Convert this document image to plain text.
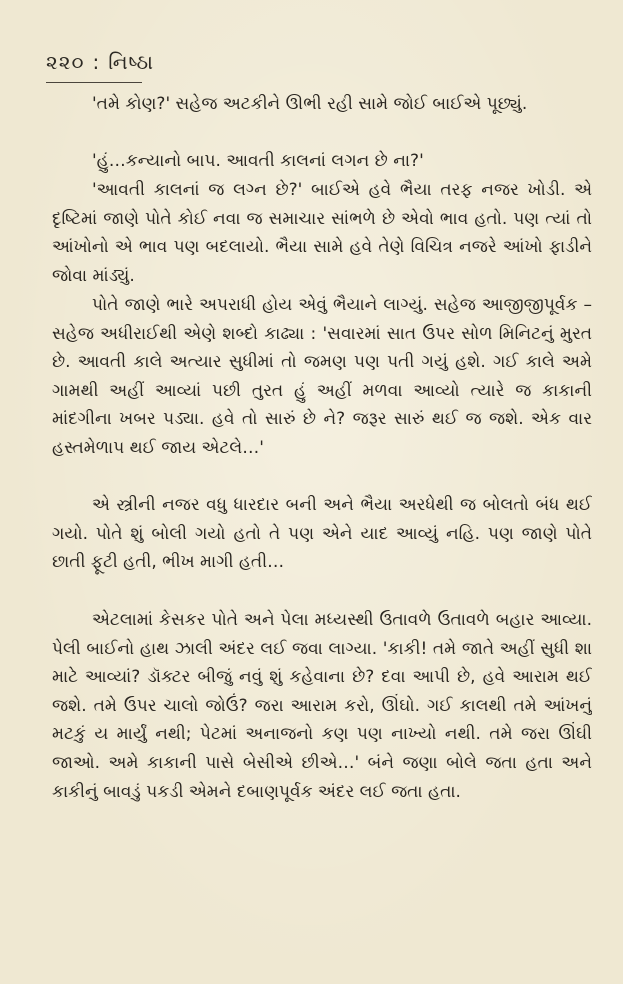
૨૨૦ : નિષ્ઠા

'તમે કોણ?' સહેજ અટકીને ઊભી રહી સામે જોઈ બાઈએ પૂછ્યું.

'હું…કન્યાનો બાપ. આવતી કાલનાં લગન છે ના?'

'આવતી કાલનાં જ લગ્ન છે?' બાઈએ હવે ભૈયા તરફ નજર ખોડી. એ દૃષ્ટિમાં જાણે પોતે કોઈ નવા જ સમાચાર સાંભળે છે એવો ભાવ હતો. પણ ત્યાં તો આંખોનો એ ભાવ પણ બદલાયો. ભૈયા સામે હવે તેણે વિચિત્ર નજરે આંખો ફાડીને જોવા માંડ્યું.

પોતે જાણે ભારે અપરાધી હોય એવું ભૈયાને લાગ્યું. સહેજ આજીજીપૂર્વક – સહેજ અધીરાઈથી એણે શબ્દો કાઢ્યા : 'સવારમાં સાત ઉપર સોળ મિનિટનું મુરત છે. આવતી કાલે અત્યાર સુધીમાં તો જમણ પણ પતી ગયું હશે. ગઈ કાલે અમે ગામથી અહીં આવ્યાં પછી તુરત હું અહીં મળવા આવ્યો ત્યારે જ કાકાની માંદગીના ખબર પડ્યા. હવે તો સારું છે ને? જરૂર સારું થઈ જ જશે. એક વાર હસ્તમેળાપ થઈ જાય એટલે…'

એ સ્ત્રીની નજર વધુ ધારદાર બની અને ભૈયા અરધેથી જ બોલતો બંધ થઈ ગયો. પોતે શું બોલી ગયો હતો તે પણ એને યાદ આવ્યું નહિ. પણ જાણે પોતે છાતી ફૂટી હતી, ભીખ માગી હતી…

એટલામાં કેસકર પોતે અને પેલા મધ્યસ્થી ઉતાવળે ઉતાવળે બહાર આવ્યા. પેલી બાઈનો હાથ ઝાલી અંદર લઈ જવા લાગ્યા. 'કાકી! તમે જાતે અહીં સુધી શા માટે આવ્યાં? ડૉક્ટર બીજું નવું શું કહેવાના છે? દવા આપી છે, હવે આરામ થઈ જશે. તમે ઉપર ચાલો જોઉં? જરા આરામ કરો, ઊંઘો. ગઈ કાલથી તમે આંખનું મટકું ય માર્યું નથી; પેટમાં અનાજનો કણ પણ નાખ્યો નથી. તમે જરા ઊંઘી જાઓ. અમે કાકાની પાસે બેસીએ છીએ…' બંને જણા બોલે જતા હતા અને કાકીનું બાવડું પકડી એમને દબાણપૂર્વક અંદર લઈ જતા હતા.
